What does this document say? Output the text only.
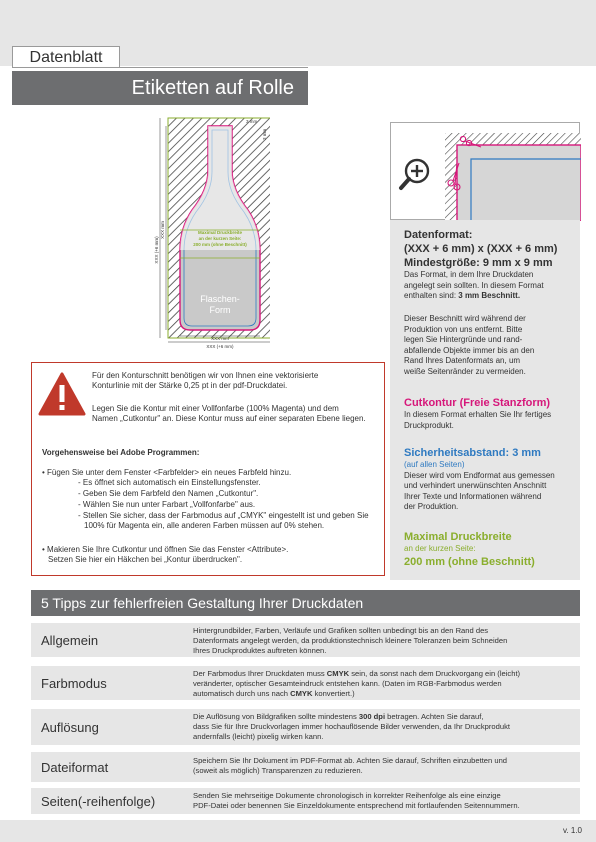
Datenblatt
Etiketten auf Rolle
Maximal Druckbreite
an der kurzen Seite:
200 mm (ohne Beschnitt)
Flaschen-
Form
XXX mm
XXX (+6 mm)
XXX (+6 mm)
XXX mm
3 mm
3 mm
Datenformat:
(XXX + 6 mm) x (XXX + 6 mm)
Mindestgröße: 9 mm x 9 mm
Das Format, in dem Ihre Druckdaten
angelegt sein sollten. In diesem Format
enthalten sind: 3 mm Beschnitt.
Dieser Beschnitt wird während der
Produktion von uns entfernt. Bitte
legen Sie Hintergründe und rand-
abfallende Objekte immer bis an den
Rand Ihres Datenformats an, um
weiße Seitenränder zu vermeiden.
Cutkontur (Freie Stanzform)
In diesem Format erhalten Sie Ihr fertiges
Druckprodukt.
Sicherheitsabstand: 3 mm
(auf allen Seiten)
Dieser wird vom Endformat aus gemessen
und verhindert unerwünschten Anschnitt
Ihrer Texte und Informationen während
der Produktion.
Maximal Druckbreite
an der kurzen Seite:
200 mm (ohne Beschnitt)
Für den Konturschnitt benötigen wir von Ihnen eine vektorisierte
Konturlinie mit der Stärke 0,25 pt in der pdf-Druckdatei.
Legen Sie die Kontur mit einer Vollfonfarbe (100% Magenta) und dem
Namen „Cutkontur" an. Diese Kontur muss auf einer separaten Ebene liegen.
Vorgehensweise bei Adobe Programmen:
• Fügen Sie unter dem Fenster <Farbfelder> ein neues Farbfeld hinzu.
- Es öffnet sich automatisch ein Einstellungsfenster.
- Geben Sie dem Farbfeld den Namen „Cutkontur".
- Wählen Sie nun unter Farbart „Vollfonfarbe" aus.
- Stellen Sie sicher, dass der Farbmodus auf „CMYK" eingestellt ist und geben Sie
100% für Magenta ein, alle anderen Farben müssen auf 0% stehen.
• Makieren Sie Ihre Cutkontur und öffnen Sie das Fenster <Attribute>.
Setzen Sie hier ein Häkchen bei „Kontur überdrucken".
5 Tipps zur fehlerfreien Gestaltung Ihrer Druckdaten
Allgemein
Hintergrundbilder, Farben, Verläufe und Grafiken sollten unbedingt bis an den Rand des
Datenformats angelegt werden, da produktionstechnisch kleinere Toleranzen beim Schneiden
Ihres Druckproduktes auftreten können.
Farbmodus
Der Farbmodus Ihrer Druckdaten muss CMYK sein, da sonst nach dem Druckvorgang ein (leicht)
veränderter, optischer Gesamteindruck entstehen kann. (Daten im RGB-Farbmodus werden
automatisch durch uns nach CMYK konvertiert.)
Auflösung
Die Auflösung von Bildgrafiken sollte mindestens 300 dpi betragen. Achten Sie darauf,
dass Sie für Ihre Druckvorlagen immer hochauflösende Bilder verwenden, da Ihr Druckprodukt
andernfalls (leicht) pixelig wirken kann.
Dateiformat	Speichern Sie Ihr Dokument im PDF-Format ab. Achten Sie darauf, Schriften einzubetten und
(soweit als möglich) Transparenzen zu reduzieren.
Seiten(-reihenfolge)	Senden Sie mehrseitige Dokumente chronologisch in korrekter Reihenfolge als eine einzige
PDF-Datei oder benennen Sie Einzeldokumente entsprechend mit fortlaufenden Seitennummern.
v. 1.0
